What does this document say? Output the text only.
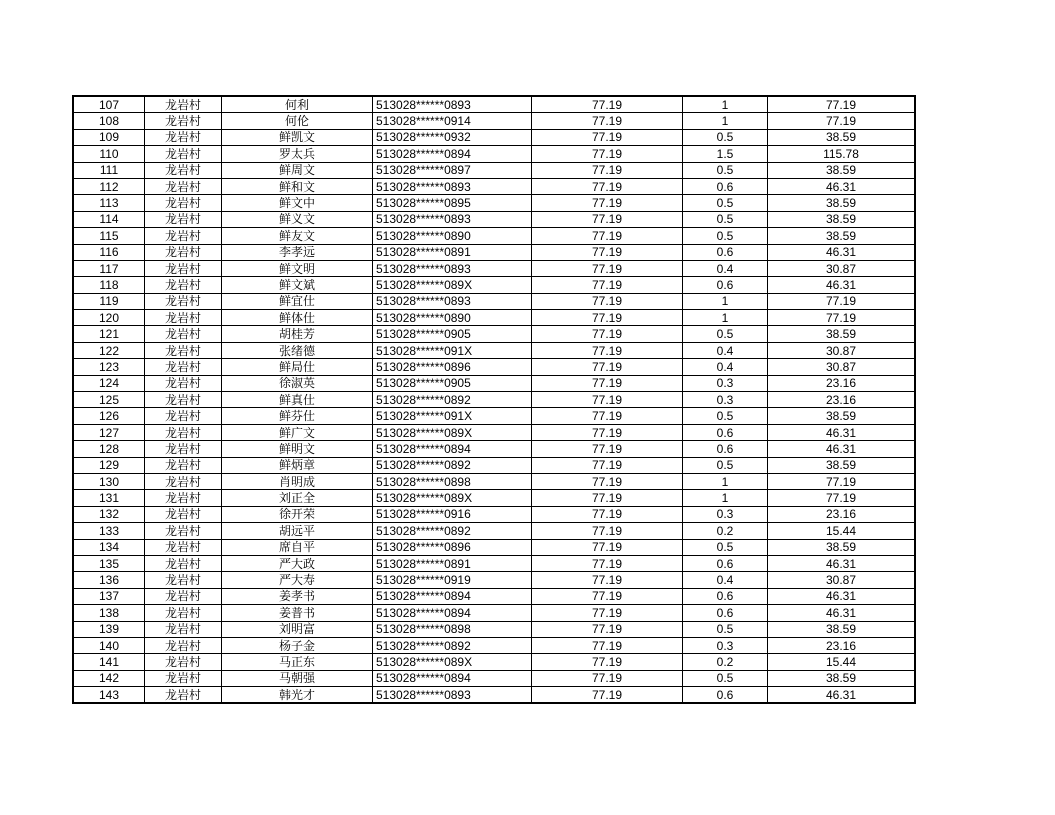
107	龙岩村	何利	513028******0893	77.19	1	77.19
108	龙岩村	何伦	513028******0914	77.19	1	77.19
109	龙岩村	鲜凯文	513028******0932	77.19	0.5	38.59
110	龙岩村	罗太兵	513028******0894	77.19	1.5	115.78
111	龙岩村	鲜周文	513028******0897	77.19	0.5	38.59
112	龙岩村	鲜和文	513028******0893	77.19	0.6	46.31
113	龙岩村	鲜文中	513028******0895	77.19	0.5	38.59
114	龙岩村	鲜义文	513028******0893	77.19	0.5	38.59
115	龙岩村	鲜友文	513028******0890	77.19	0.5	38.59
116	龙岩村	李孝远	513028******0891	77.19	0.6	46.31
117	龙岩村	鲜文明	513028******0893	77.19	0.4	30.87
118	龙岩村	鲜文斌	513028******089X	77.19	0.6	46.31
119	龙岩村	鲜宜仕	513028******0893	77.19	1	77.19
120	龙岩村	鲜体仕	513028******0890	77.19	1	77.19
121	龙岩村	胡桂芳	513028******0905	77.19	0.5	38.59
122	龙岩村	张绪德	513028******091X	77.19	0.4	30.87
123	龙岩村	鲜局仕	513028******0896	77.19	0.4	30.87
124	龙岩村	徐淑英	513028******0905	77.19	0.3	23.16
125	龙岩村	鲜真仕	513028******0892	77.19	0.3	23.16
126	龙岩村	鲜芬仕	513028******091X	77.19	0.5	38.59
127	龙岩村	鲜广文	513028******089X	77.19	0.6	46.31
128	龙岩村	鲜明文	513028******0894	77.19	0.6	46.31
129	龙岩村	鲜炳章	513028******0892	77.19	0.5	38.59
130	龙岩村	肖明成	513028******0898	77.19	1	77.19
131	龙岩村	刘正全	513028******089X	77.19	1	77.19
132	龙岩村	徐开荣	513028******0916	77.19	0.3	23.16
133	龙岩村	胡远平	513028******0892	77.19	0.2	15.44
134	龙岩村	席自平	513028******0896	77.19	0.5	38.59
135	龙岩村	严大政	513028******0891	77.19	0.6	46.31
136	龙岩村	严大寿	513028******0919	77.19	0.4	30.87
137	龙岩村	姜孝书	513028******0894	77.19	0.6	46.31
138	龙岩村	姜普书	513028******0894	77.19	0.6	46.31
139	龙岩村	刘明富	513028******0898	77.19	0.5	38.59
140	龙岩村	杨子金	513028******0892	77.19	0.3	23.16
141	龙岩村	马正东	513028******089X	77.19	0.2	15.44
142	龙岩村	马朝强	513028******0894	77.19	0.5	38.59
143	龙岩村	韩光才	513028******0893	77.19	0.6	46.31
